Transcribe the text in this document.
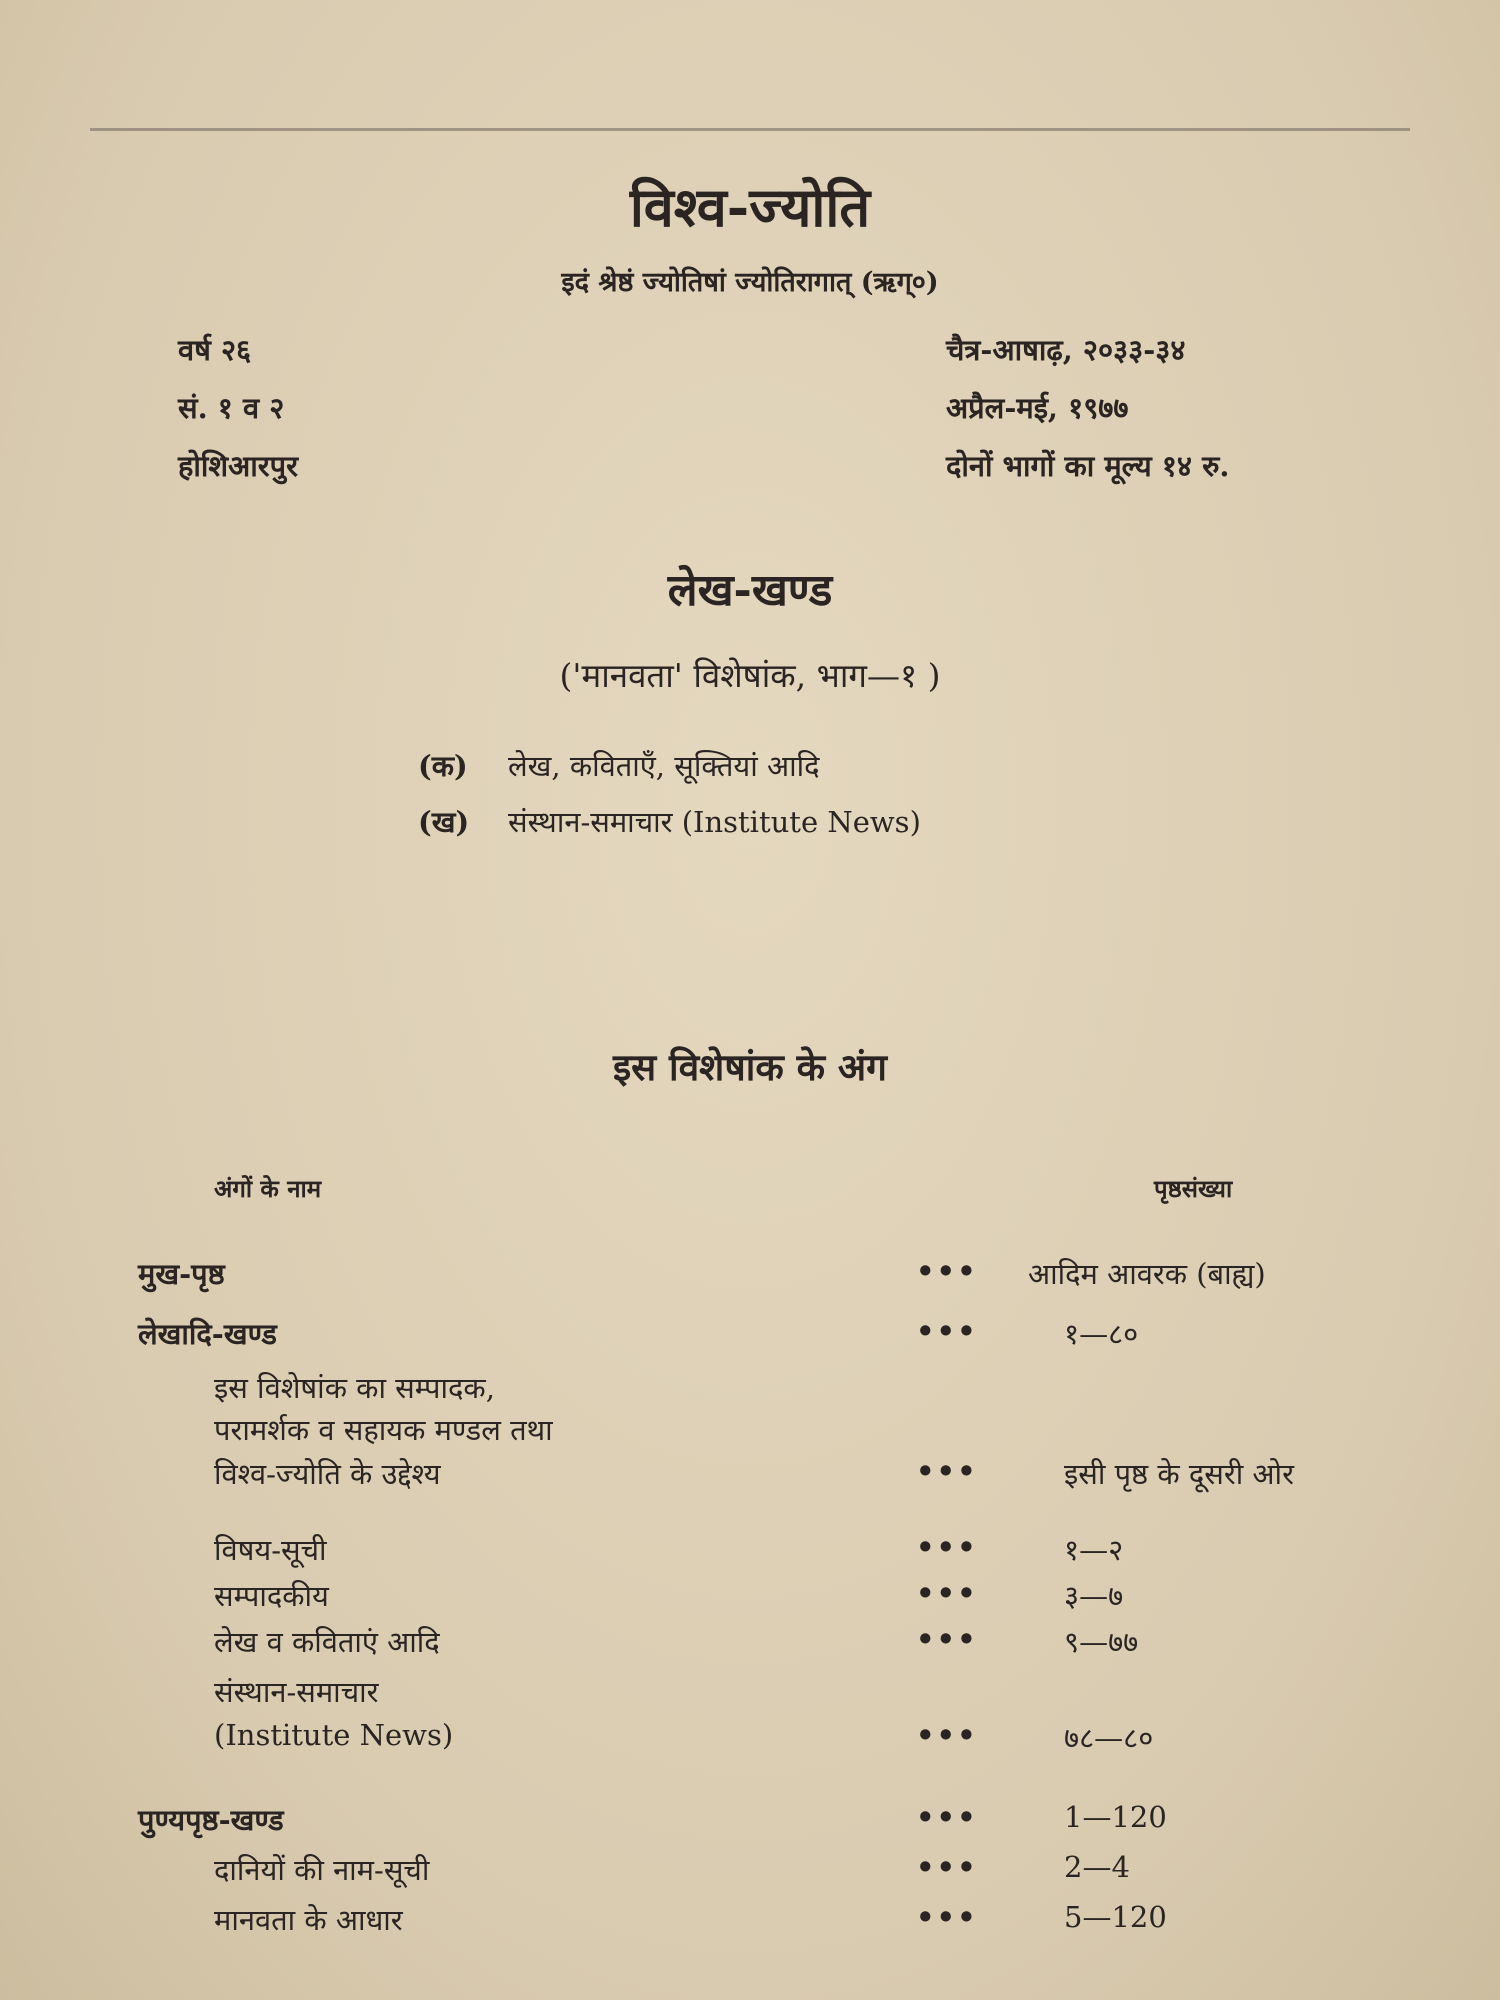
विश्व-ज्योति
इदं श्रेष्ठं ज्योतिषां ज्योतिरागात् (ऋग्०)
वर्ष २६
सं. १ व २
होशिआरपुर
चैत्र-आषाढ़, २०३३-३४
अप्रैल-मई, १९७७
दोनों भागों का मूल्य १४ रु.
लेख-खण्ड
('मानवता' विशेषांक, भाग—१ )
(क) लेख, कविताएँ, सूक्तियां आदि
(ख) संस्थान-समाचार (Institute News)
इस विशेषांक के अंग
अंगों के नाम	पृष्ठसंख्या
मुख-पृष्ठ	••• आदिम आवरक (बाह्य)
लेखादि-खण्ड	•••	१—८०
इस विशेषांक का सम्पादक,
परामर्शक व सहायक मण्डल तथा
विश्व-ज्योति के उद्देश्य	•••	इसी पृष्ठ के दूसरी ओर
विषय-सूची	•••	१—२
सम्पादकीय	•••	३—७
लेख व कविताएं आदि	•••	९—७७
संस्थान-समाचार
(Institute News)	•••	७८—८०
पुण्यपृष्ठ-खण्ड	•••	1—120
दानियों की नाम-सूची	•••	2—4
मानवता के आधार	•••	5—120
